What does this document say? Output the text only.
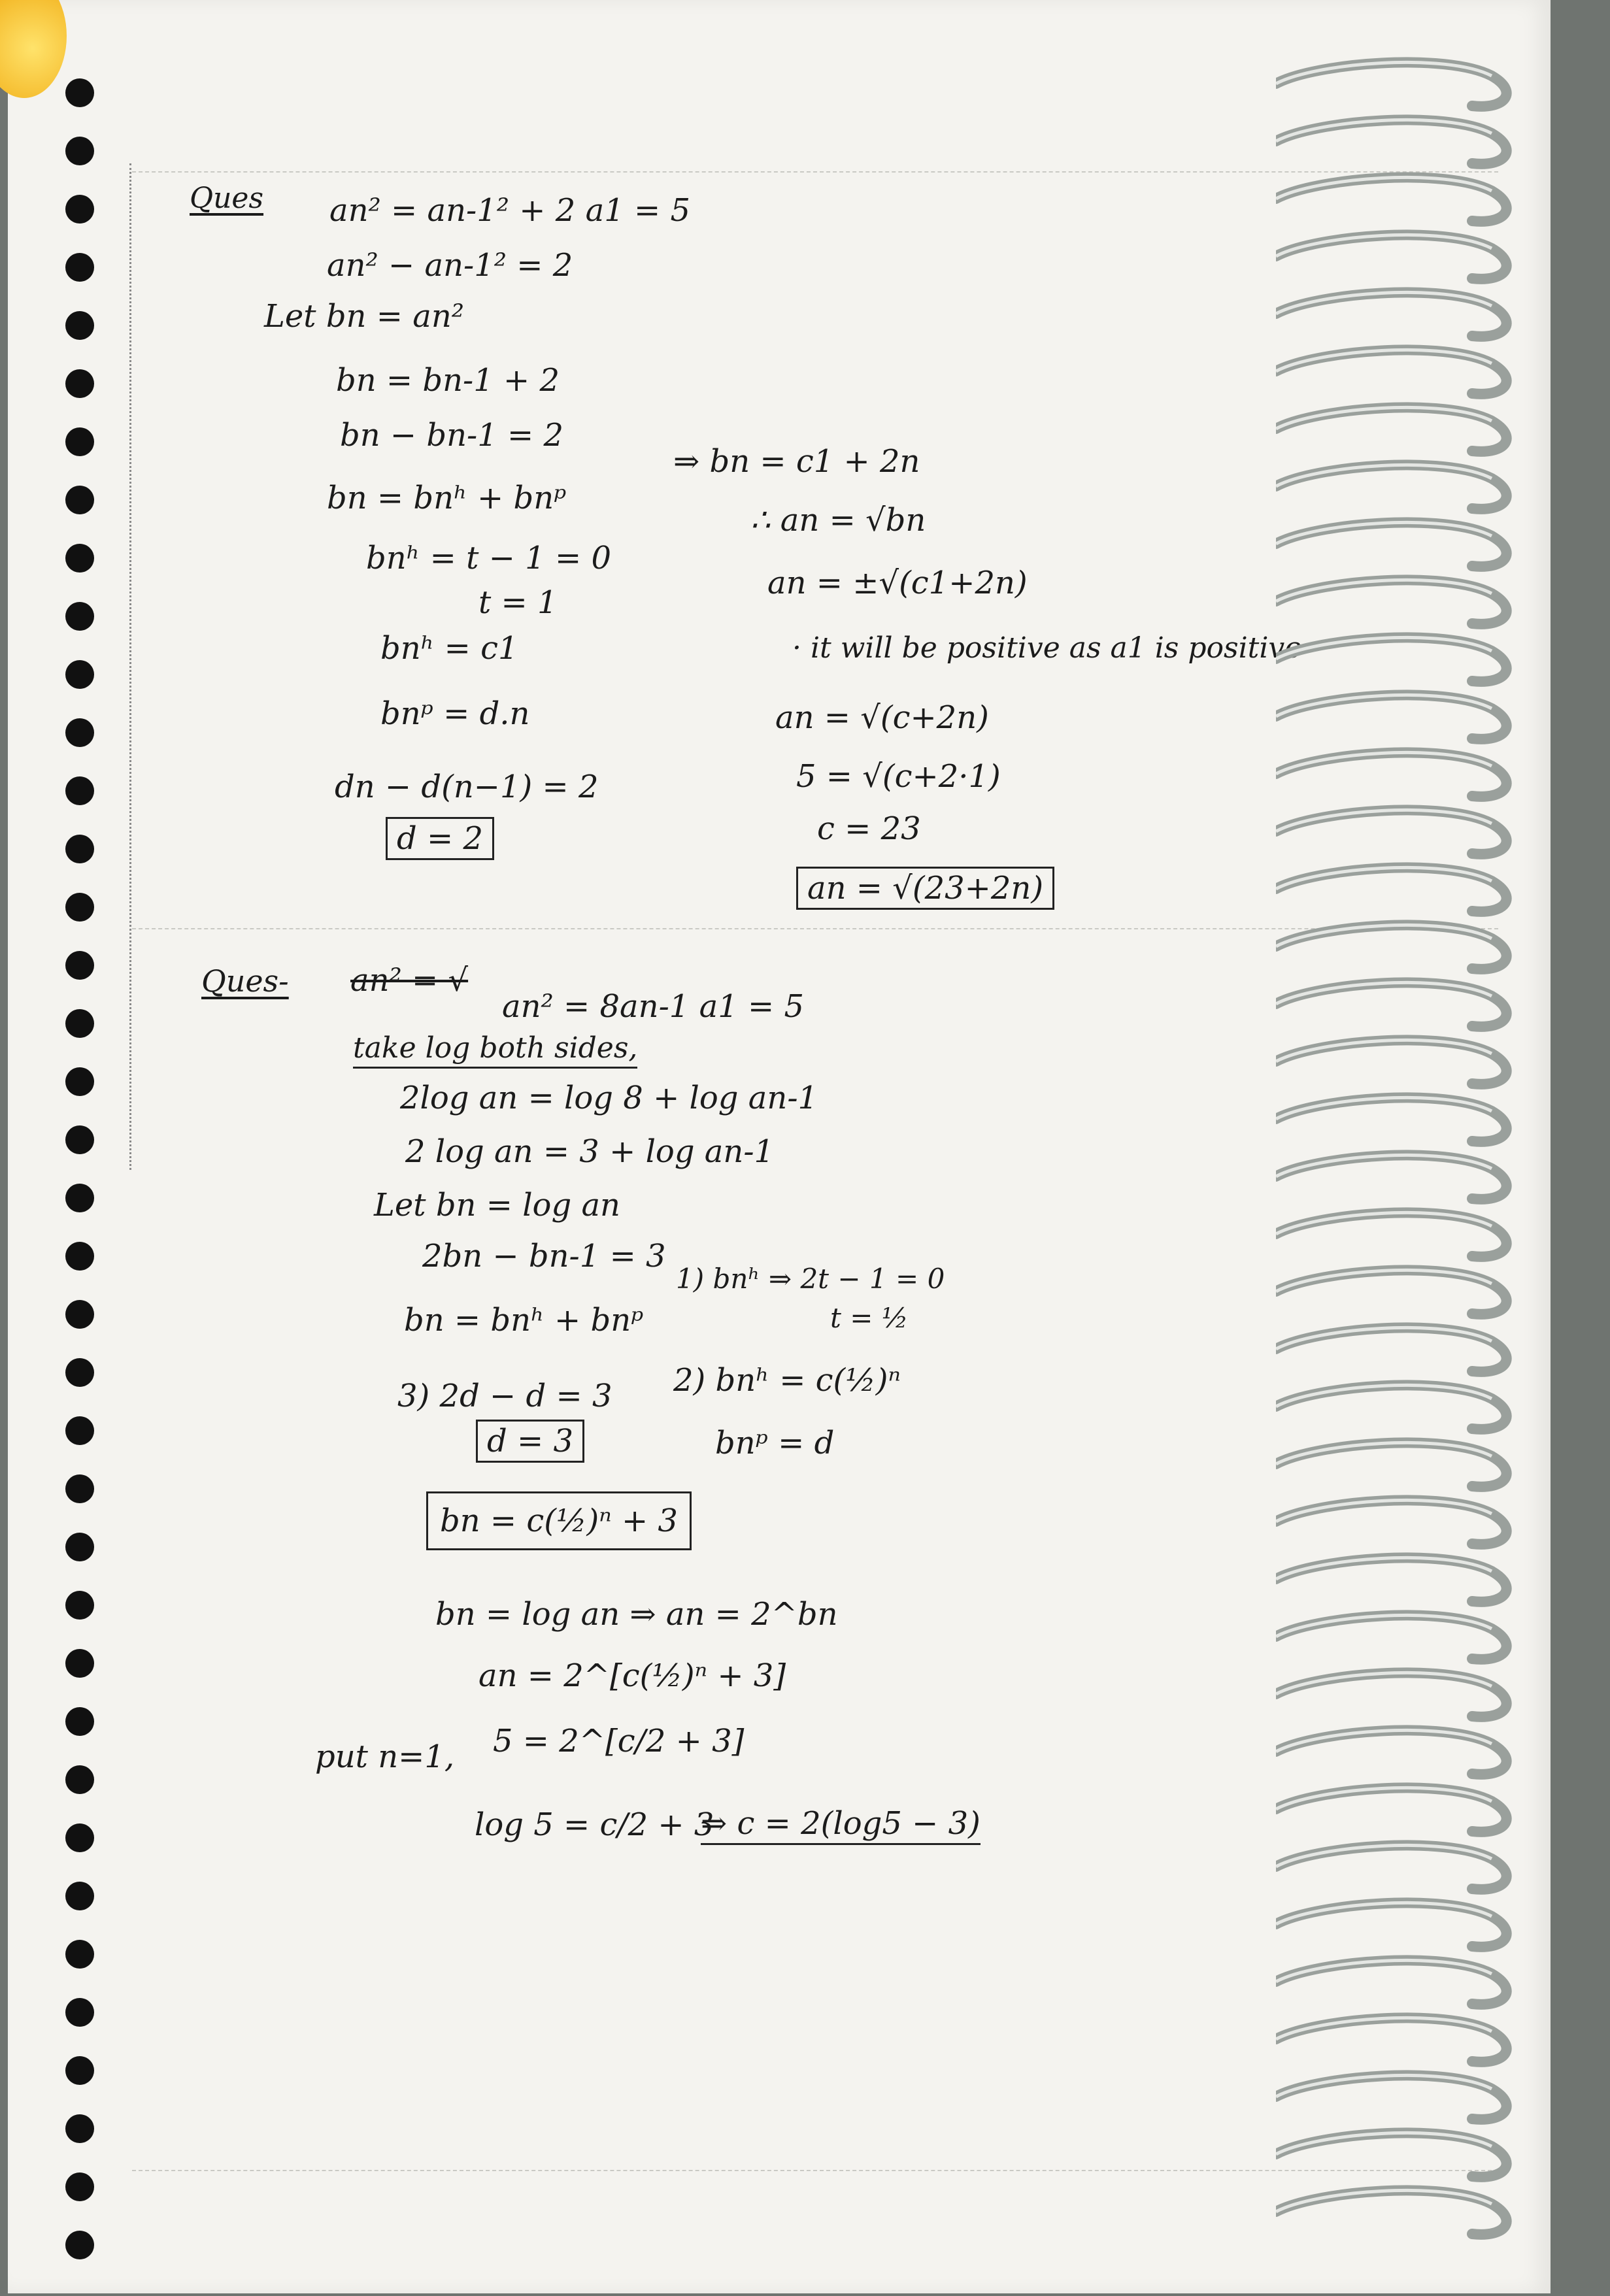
Ques an² = an-1² + 2 a1 = 5
an² − an-1² = 2
Let bn = an²
bn = bn-1 + 2
bn − bn-1 = 2
bn = bnʰ + bnᵖ
bnʰ = t − 1 = 0
t = 1
bnʰ = c1
bnᵖ = d.n
dn − d(n−1) = 2
d = 2
⇒ bn = c1 + 2n
∴ an = √bn
an = ±√(c1+2n)
· it will be positive as a1 is positive
an = √(c+2n)
5 = √(c+2·1)
c = 23
an = √(23+2n)
Ques- an² = √
an² = 8an-1 a1 = 5
take log both sides,
2log an = log 8 + log an-1
2 log an = 3 + log an-1
Let bn = log an
2bn − bn-1 = 3
bn = bnʰ + bnᵖ
1) bnʰ ⇒ 2t − 1 = 0
t = ½
3) 2d − d = 3 2) bnʰ = c(½)ⁿ
d = 3	bnᵖ = d
bn = c(½)ⁿ + 3
bn = log an ⇒ an = 2^bn
an = 2^[c(½)ⁿ + 3]
put n=1, 5 = 2^[c/2 + 3]
log 5 = c/2 + 3
⇒ c = 2(log5 − 3)
